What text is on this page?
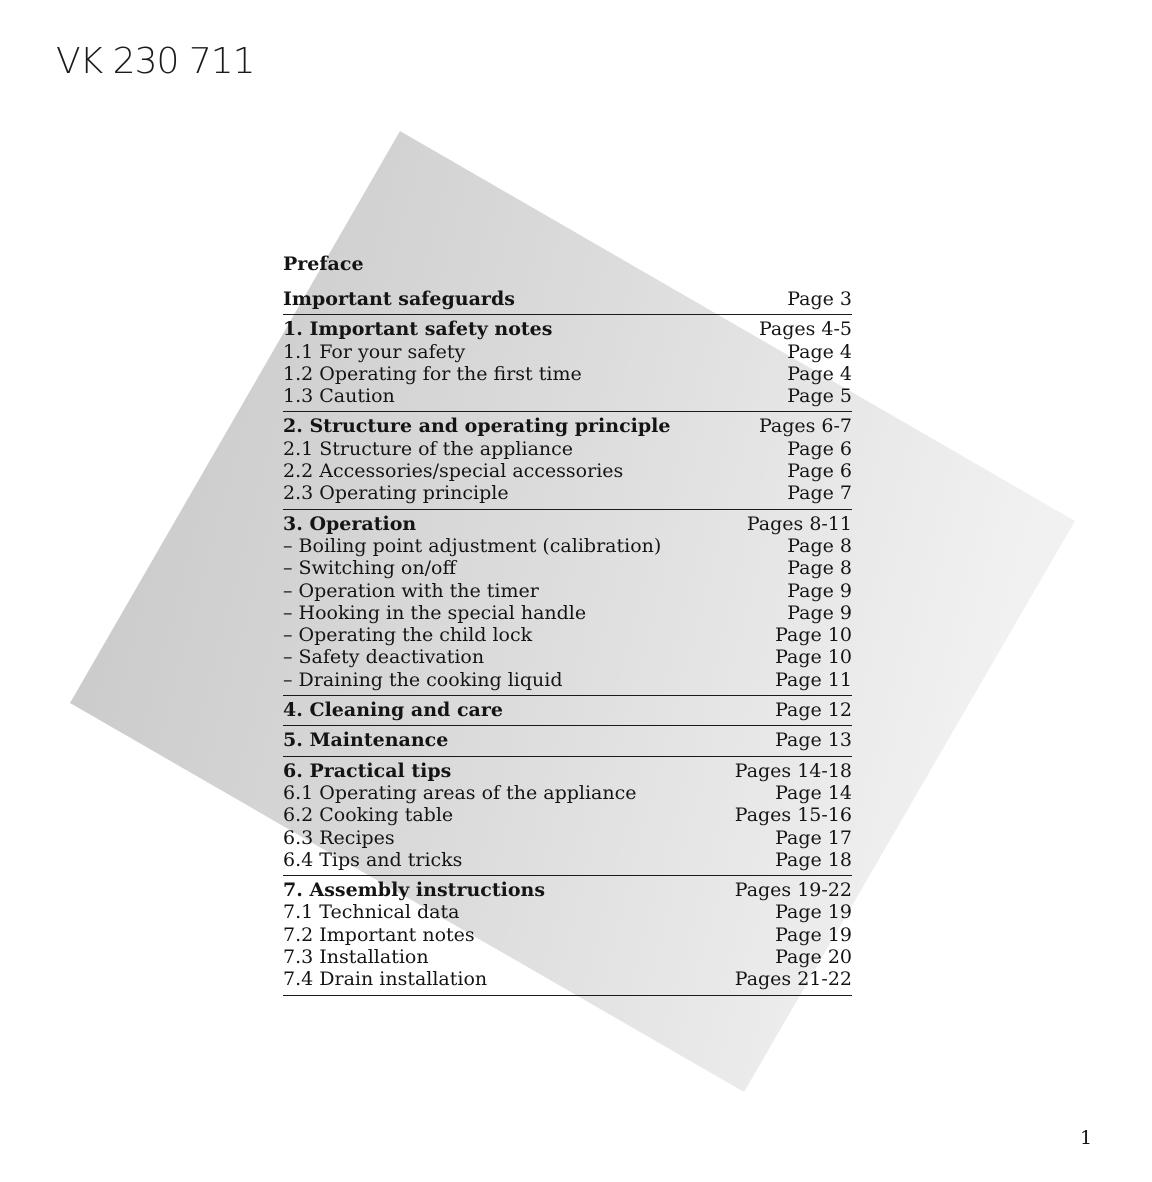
VK 230 711
Preface
Important safeguards	Page 3
1. Important safety notes	Pages 4-5
1.1 For your safety	Page 4
1.2 Operating for the first time	Page 4
1.3 Caution	Page 5
2. Structure and operating principle	Pages 6-7
2.1 Structure of the appliance	Page 6
2.2 Accessories/special accessories	Page 6
2.3 Operating principle	Page 7
3. Operation	Pages 8-11
– Boiling point adjustment (calibration)	Page 8
– Switching on/off	Page 8
– Operation with the timer	Page 9
– Hooking in the special handle	Page 9
– Operating the child lock	Page 10
– Safety deactivation	Page 10
– Draining the cooking liquid	Page 11
4. Cleaning and care	Page 12
5. Maintenance	Page 13
6. Practical tips	Pages 14-18
6.1 Operating areas of the appliance	Page 14
6.2 Cooking table	Pages 15-16
6.3 Recipes	Page 17
6.4 Tips and tricks	Page 18
7. Assembly instructions	Pages 19-22
7.1 Technical data	Page 19
7.2 Important notes	Page 19
7.3 Installation	Page 20
7.4 Drain installation	Pages 21-22
1
